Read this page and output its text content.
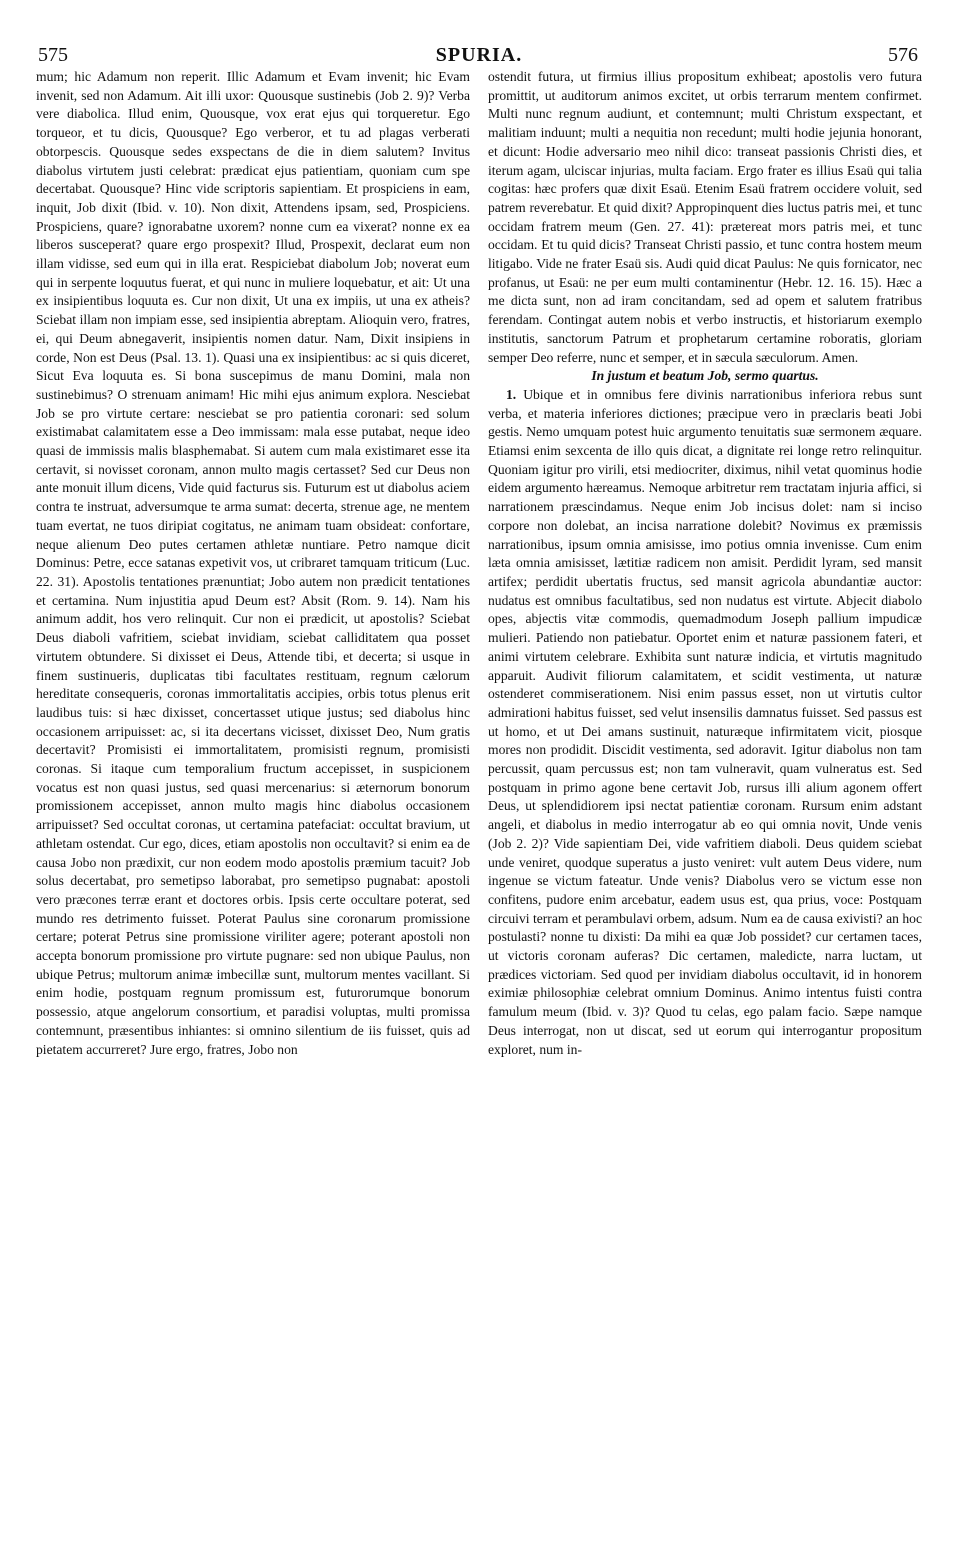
575	SPURIA.	576

mum; hic Adamum non reperit. Illic Adamum et Evam invenit; hic Evam invenit, sed non Adamum. Ait illi uxor: Quousque sustinebis (Job 2. 9)? Verba vere diabolica. Illud enim, Quousque, vox erat ejus qui torqueretur. Ego torqueor, et tu dicis, Quousque? Ego verberor, et tu ad plagas verberati obtorpescis. Quousque sedes exspectans de die in diem salutem? Invitus diabolus virtutem justi celebrat: prædicat ejus patientiam, quoniam cum spe decertabat. Quousque? Hinc vide scriptoris sapientiam. Et prospiciens in eam, inquit, Job dixit (Ibid. v. 10). Non dixit, Attendens ipsam, sed, Prospiciens. Prospiciens, quare? ignorabatne uxorem? nonne cum ea vixerat? nonne ex ea liberos susceperat? quare ergo prospexit? Illud, Prospexit, declarat eum non illam vidisse, sed eum qui in illa erat. Respiciebat diabolum Job; noverat eum qui in serpente loquutus fuerat, et qui nunc in muliere loquebatur, et ait: Ut una ex insipientibus loquuta es. Cur non dixit, Ut una ex impiis, ut una ex atheis? Sciebat illam non impiam esse, sed insipientia abreptam. Alioquin vero, fratres, ei, qui Deum abnegaverit, insipientis nomen datur. Nam, Dixit insipiens in corde, Non est Deus (Psal. 13. 1). Quasi una ex insipientibus: ac si quis diceret, Sicut Eva loquuta es. Si bona suscepimus de manu Domini, mala non sustinebimus? O strenuam animam! Hic mihi ejus animum explora. Nesciebat Job se pro virtute certare: nesciebat se pro patientia coronari: sed solum existimabat calamitatem esse a Deo immissam: mala esse putabat, neque ideo quasi de immissis malis blasphemabat. Si autem cum mala existimaret esse ita certavit, si novisset coronam, annon multo magis certasset? Sed cur Deus non ante monuit illum dicens, Vide quid facturus sis. Futurum est ut diabolus aciem contra te instruat, adversumque te arma sumat: decerta, strenue age, ne mentem tuam evertat, ne tuos diripiat cogitatus, ne animam tuam obsideat: confortare, neque alienum Deo putes certamen athletæ nuntiare. Petro namque dicit Dominus: Petre, ecce satanas expetivit vos, ut cribraret tamquam triticum (Luc. 22. 31). Apostolis tentationes prænuntiat; Jobo autem non prædicit tentationes et certamina. Num injustitia apud Deum est? Absit (Rom. 9. 14). Nam his animum addit, hos vero relinquit. Cur non ei prædicit, ut apostolis? Sciebat Deus diaboli vafritiem, sciebat invidiam, sciebat calliditatem qua posset virtutem obtundere. Si dixisset ei Deus, Attende tibi, et decerta; si usque in finem sustinueris, duplicatas tibi facultates restituam, regnum cælorum hereditate consequeris, coronas immortalitatis accipies, orbis totus plenus erit laudibus tuis: si hæc dixisset, concertasset utique justus; sed diabolus hinc occasionem arripuisset: ac, si ita decertans vicisset, dixisset Deo, Num gratis decertavit? Promisisti ei immortalitatem, promisisti regnum, promisisti coronas. Si itaque cum temporalium fructum accepisset, in suspicionem vocatus est non quasi justus, sed quasi mercenarius: si æternorum bonorum promissionem accepisset, annon multo magis hinc diabolus occasionem arripuisset? Sed occultat coronas, ut certamina patefaciat: occultat bravium, ut athletam ostendat. Cur ego, dices, etiam apostolis non occultavit? si enim ea de causa Jobo non prædixit, cur non eodem modo apostolis præmium tacuit? Job solus decertabat, pro semetipso laborabat, pro semetipso pugnabat: apostoli vero præcones terræ erant et doctores orbis. Ipsis certe occultare poterat, sed mundo res detrimento fuisset. Poterat Paulus sine coronarum promissione certare; poterat Petrus sine promissione viriliter agere; poterant apostoli non accepta bonorum promissione pro virtute pugnare: sed non ubique Paulus, non ubique Petrus; multorum animæ imbecillæ sunt, multorum mentes vacillant. Si enim hodie, postquam regnum promissum est, futurorumque bonorum possessio, atque angelorum consortium, et paradisi voluptas, multi promissa contemnunt, præsentibus inhiantes: si omnino silentium de iis fuisset, quis ad pietatem accurreret? Jure ergo, fratres, Jobo non

ostendit futura, ut firmius illius propositum exhibeat; apostolis vero futura promittit, ut auditorum animos excitet, ut orbis terrarum mentem confirmet. Multi nunc regnum audiunt, et contemnunt; multi Christum exspectant, et malitiam induunt; multi a nequitia non recedunt; multi hodie jejunia honorant, et dicunt: Hodie adversario meo nihil dico: transeat passionis Christi dies, et iterum agam, ulciscar injurias, multa faciam. Ergo frater es illius Esaü qui talia cogitas: hæc profers quæ dixit Esaü. Etenim Esaü fratrem occidere voluit, sed patrem reverebatur. Et quid dixit? Appropinquent dies luctus patris mei, et tunc occidam fratrem meum (Gen. 27. 41): prætereat mors patris mei, et tunc occidam. Et tu quid dicis? Transeat Christi passio, et tunc contra hostem meum litigabo. Vide ne frater Esaü sis. Audi quid dicat Paulus: Ne quis fornicator, nec profanus, ut Esaü: ne per eum multi contaminentur (Hebr. 12. 16. 15). Hæc a me dicta sunt, non ad iram concitandam, sed ad opem et salutem fratribus ferendam. Contingat autem nobis et verbo instructis, et historiarum exemplo institutis, sanctorum Patrum et prophetarum certamine roboratis, gloriam semper Deo referre, nunc et semper, et in sæcula sæculorum. Amen.

In justum et beatum Job, sermo quartus.

1. Ubique et in omnibus fere divinis narrationibus inferiora rebus sunt verba, et materia inferiores dictiones; præcipue vero in præclaris beati Jobi gestis. Nemo umquam potest huic argumento tenuitatis suæ sermonem æquare. Etiamsi enim sexcenta de illo quis dicat, a dignitate rei longe retro relinquitur. Quoniam igitur pro virili, etsi mediocriter, diximus, nihil vetat quominus hodie eidem argumento hæreamus. Nemoque arbitretur rem tractatam injuria affici, si narrationem præscindamus. Neque enim Job incisus dolet: nam si inciso corpore non dolebat, an incisa narratione dolebit? Novimus ex præmissis narrationibus, ipsum omnia amisisse, imo potius omnia invenisse. Cum enim læta omnia amisisset, lætitiæ radicem non amisit. Perdidit lyram, sed mansit artifex; perdidit ubertatis fructus, sed mansit agricola abundantiæ auctor: nudatus est omnibus facultatibus, sed non nudatus est virtute. Abjecit diabolo opes, abjectis vitæ commodis, quemadmodum Joseph pallium impudicæ mulieri. Patiendo non patiebatur. Oportet enim et naturæ passionem fateri, et animi virtutem celebrare. Exhibita sunt naturæ indicia, et virtutis magnitudo apparuit. Audivit filiorum calamitatem, et scidit vestimenta, ut naturæ ostenderet commiserationem. Nisi enim passus esset, non ut virtutis cultor admirationi habitus fuisset, sed velut insensilis damnatus fuisset. Sed passus est ut homo, et ut Dei amans sustinuit, naturæque infirmitatem vicit, piosque mores non prodidit. Discidit vestimenta, sed adoravit. Igitur diabolus non tam percussit, quam percussus est; non tam vulneravit, quam vulneratus est. Sed postquam in primo agone bene certavit Job, rursus illi alium agonem offert Deus, ut splendidiorem ipsi nectat patientiæ coronam. Rursum enim adstant angeli, et diabolus in medio interrogatur ab eo qui omnia novit, Unde venis (Job 2. 2)? Vide sapientiam Dei, vide vafritiem diaboli. Deus quidem sciebat unde veniret, quodque superatus a justo veniret: vult autem Deus videre, num ingenue se victum fateatur. Unde venis? Diabolus vero se victum esse non confitens, pudore enim arcebatur, eadem usus est, qua prius, voce: Postquam circuivi terram et perambulavi orbem, adsum. Num ea de causa exivisti? an hoc postulasti? nonne tu dixisti: Da mihi ea quæ Job possidet? cur certamen taces, ut victoris coronam auferas? Dic certamen, maledicte, narra luctam, ut prædices victoriam. Sed quod per invidiam diabolus occultavit, id in honorem eximiæ philosophiæ celebrat omnium Dominus. Animo intentus fuisti contra famulum meum (Ibid. v. 3)? Quod tu celas, ego palam facio. Sæpe namque Deus interrogat, non ut discat, sed ut eorum qui interrogantur propositum exploret, num in-
